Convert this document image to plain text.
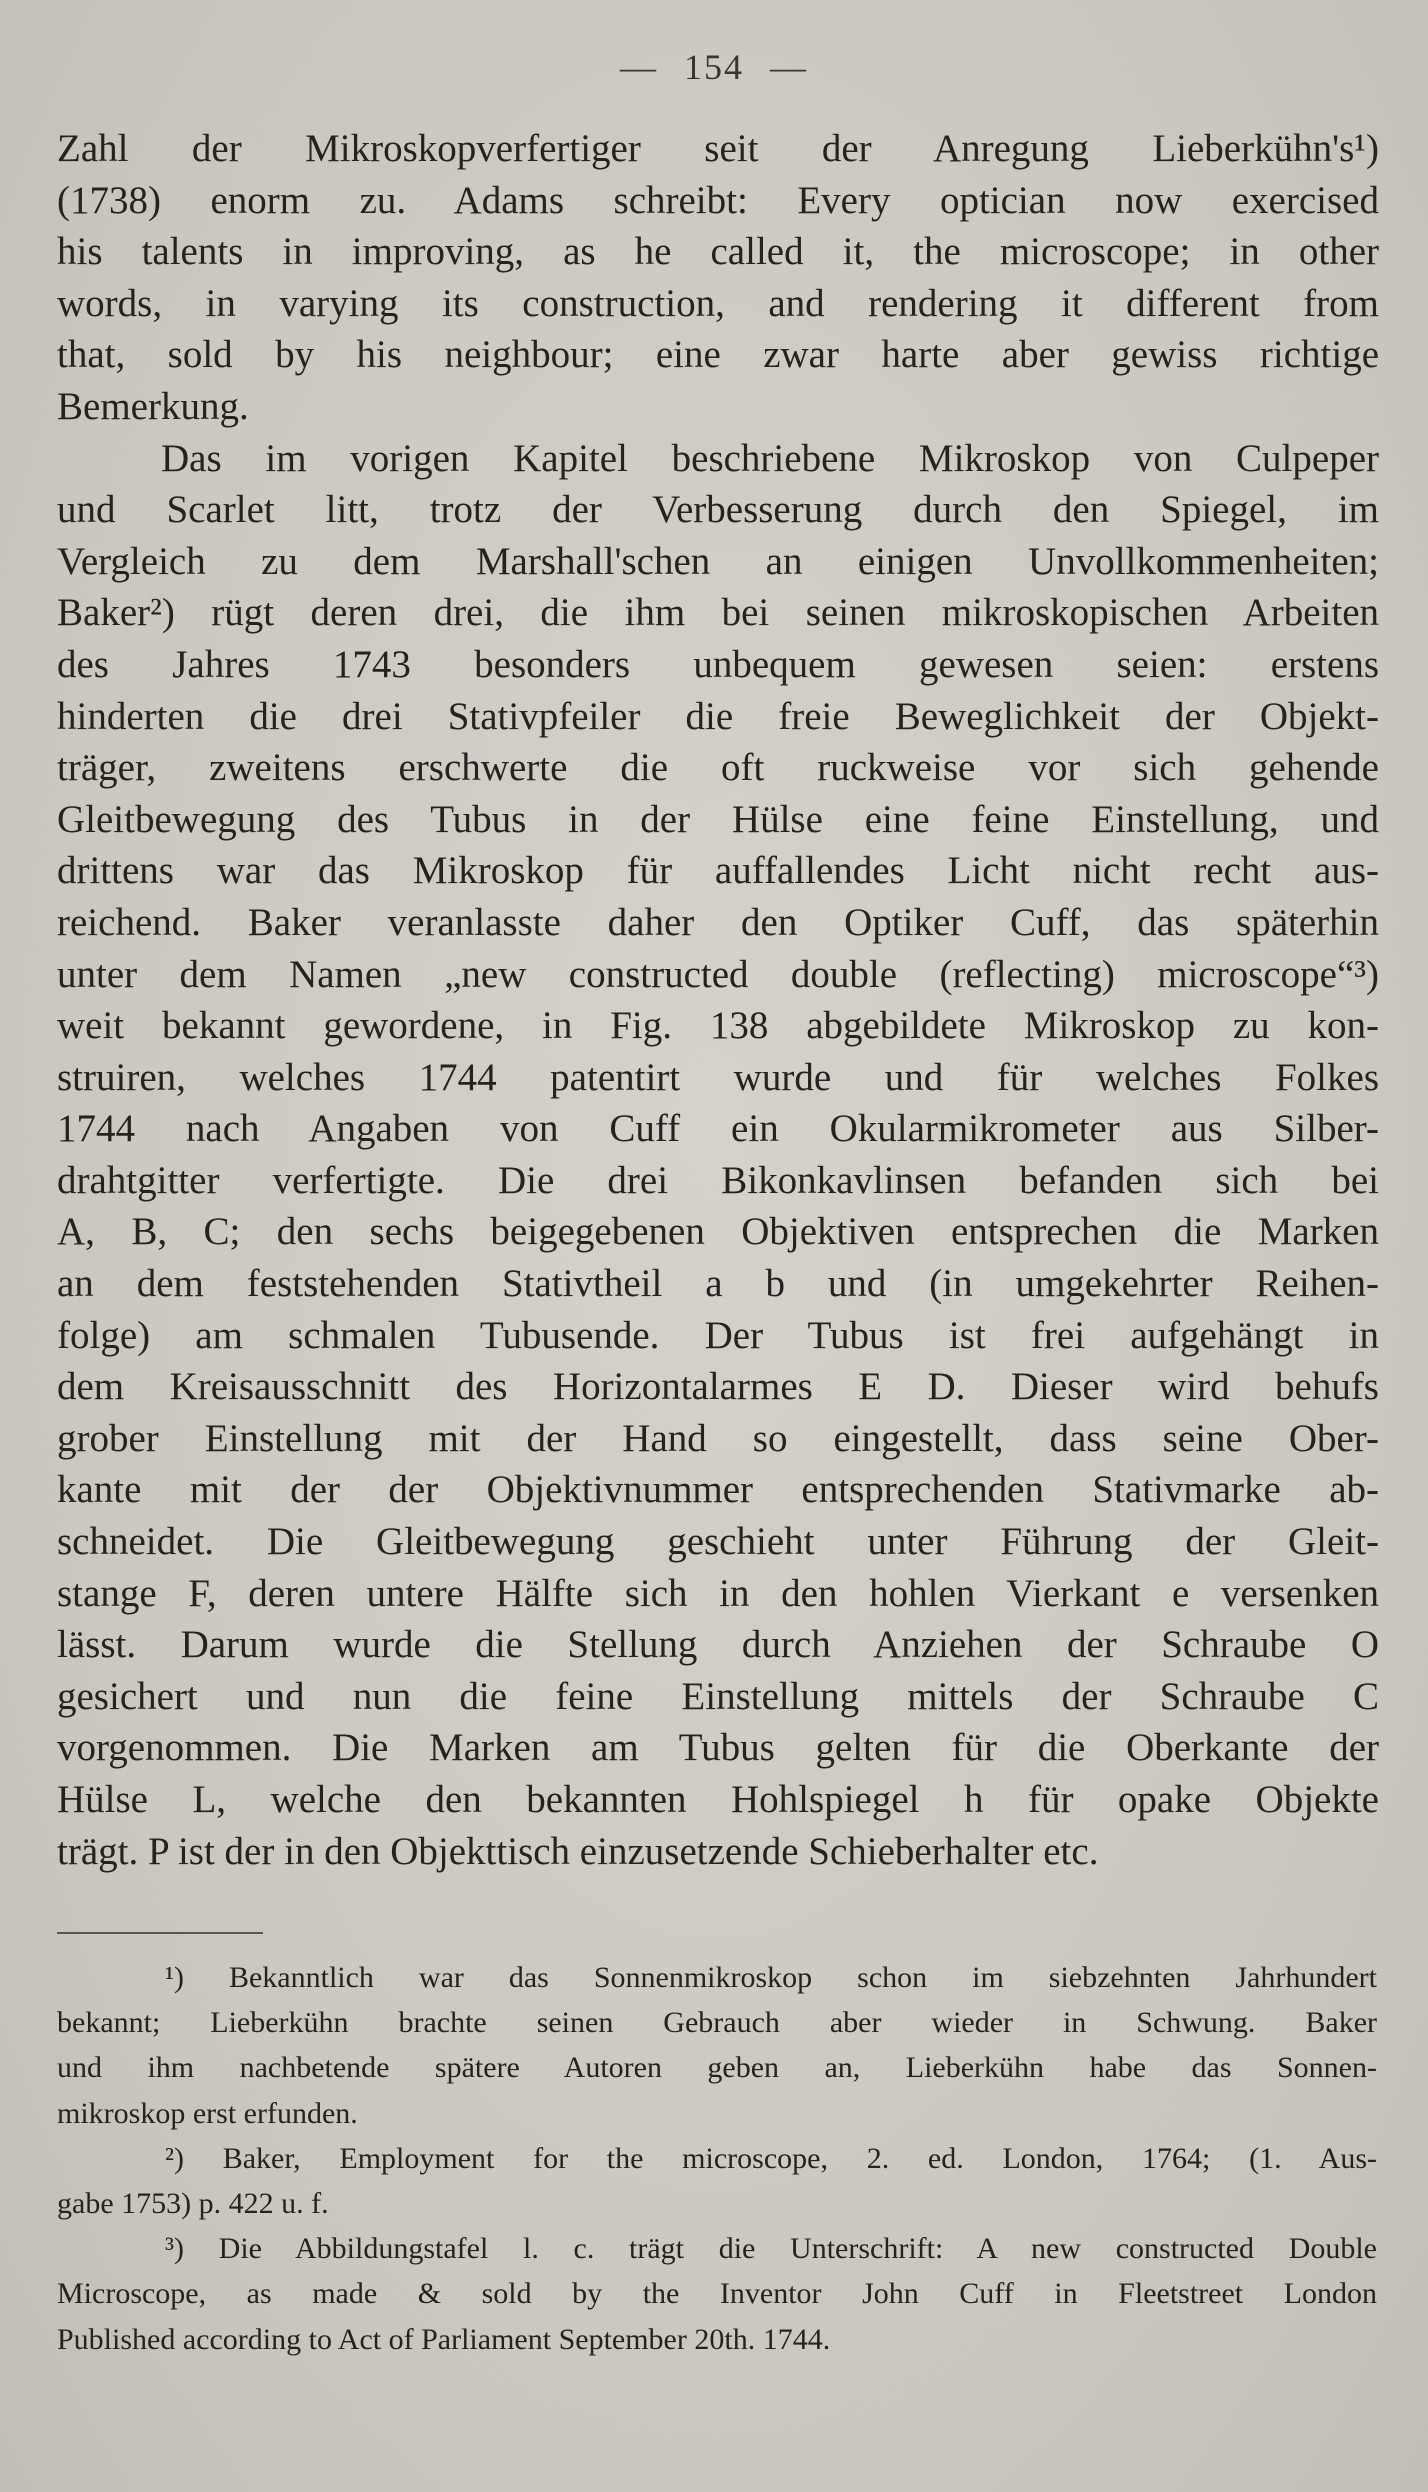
— 154 —
Zahl der Mikroskopverfertiger seit der Anregung Lieberkühn's¹)
(1738) enorm zu. Adams schreibt: Every optician now exercised
his talents in improving, as he called it, the microscope; in other
words, in varying its construction, and rendering it different from
that, sold by his neighbour; eine zwar harte aber gewiss richtige
Bemerkung.
Das im vorigen Kapitel beschriebene Mikroskop von Culpeper
und Scarlet litt, trotz der Verbesserung durch den Spiegel, im
Vergleich zu dem Marshall'schen an einigen Unvollkommenheiten;
Baker²) rügt deren drei, die ihm bei seinen mikroskopischen Arbeiten
des Jahres 1743 besonders unbequem gewesen seien: erstens
hinderten die drei Stativpfeiler die freie Beweglichkeit der Objekt-
träger, zweitens erschwerte die oft ruckweise vor sich gehende
Gleitbewegung des Tubus in der Hülse eine feine Einstellung, und
drittens war das Mikroskop für auffallendes Licht nicht recht aus-
reichend. Baker veranlasste daher den Optiker Cuff, das späterhin
unter dem Namen „new constructed double (reflecting) microscope“³)
weit bekannt gewordene, in Fig. 138 abgebildete Mikroskop zu kon-
struiren, welches 1744 patentirt wurde und für welches Folkes
1744 nach Angaben von Cuff ein Okularmikrometer aus Silber-
drahtgitter verfertigte. Die drei Bikonkavlinsen befanden sich bei
A, B, C; den sechs beigegebenen Objektiven entsprechen die Marken
an dem feststehenden Stativtheil a b und (in umgekehrter Reihen-
folge) am schmalen Tubusende. Der Tubus ist frei aufgehängt in
dem Kreisausschnitt des Horizontalarmes E D. Dieser wird behufs
grober Einstellung mit der Hand so eingestellt, dass seine Ober-
kante mit der der Objektivnummer entsprechenden Stativmarke ab-
schneidet. Die Gleitbewegung geschieht unter Führung der Gleit-
stange F, deren untere Hälfte sich in den hohlen Vierkant e versenken
lässt. Darum wurde die Stellung durch Anziehen der Schraube O
gesichert und nun die feine Einstellung mittels der Schraube C
vorgenommen. Die Marken am Tubus gelten für die Oberkante der
Hülse L, welche den bekannten Hohlspiegel h für opake Objekte
trägt. P ist der in den Objekttisch einzusetzende Schieberhalter etc.
¹) Bekanntlich war das Sonnenmikroskop schon im siebzehnten Jahrhundert
bekannt; Lieberkühn brachte seinen Gebrauch aber wieder in Schwung. Baker
und ihm nachbetende spätere Autoren geben an, Lieberkühn habe das Sonnen-
mikroskop erst erfunden.
²) Baker, Employment for the microscope, 2. ed. London, 1764; (1. Aus-
gabe 1753) p. 422 u. f.
³) Die Abbildungstafel l. c. trägt die Unterschrift: A new constructed Double
Microscope, as made & sold by the Inventor John Cuff in Fleetstreet London
Published according to Act of Parliament September 20th. 1744.
